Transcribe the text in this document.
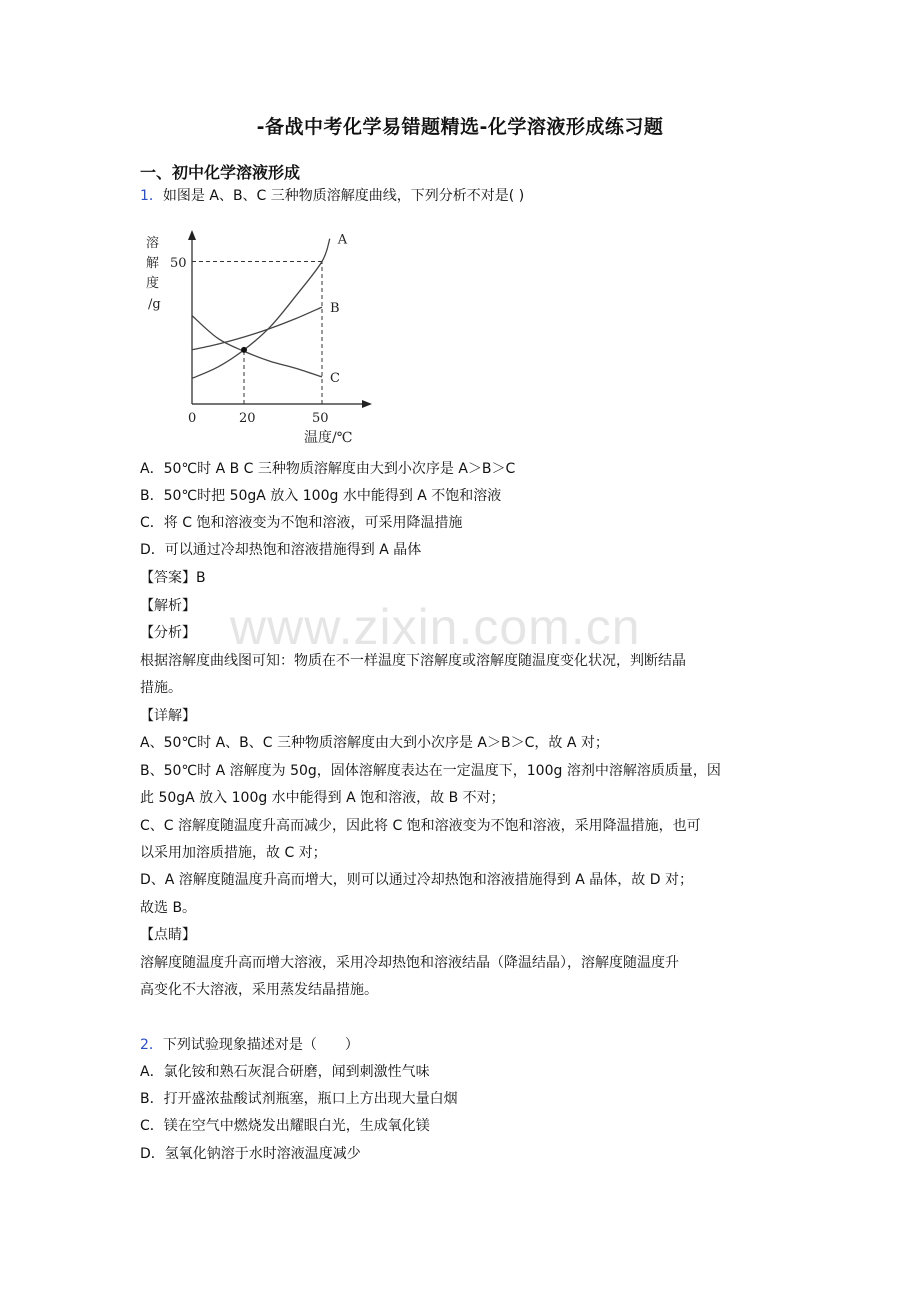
-备战中考化学易错题精选-化学溶液形成练习题
一、初中化学溶液形成
1．如图是 A、B、C 三种物质溶解度曲线，下列分析不对是( )
溶
解
度
/g
50
0	20	50
温度/℃
A
B
C
A．50℃时 A B C 三种物质溶解度由大到小次序是 A＞B＞C
B．50℃时把 50gA 放入 100g 水中能得到 A 不饱和溶液
C．将 C 饱和溶液变为不饱和溶液，可采用降温措施
D．可以通过冷却热饱和溶液措施得到 A 晶体
【答案】B
【解析】
【分析】
根据溶解度曲线图可知：物质在不一样温度下溶解度或溶解度随温度变化状况，判断结晶
措施。
【详解】
A、50℃时 A、B、C 三种物质溶解度由大到小次序是 A＞B＞C，故 A 对；
B、50℃时 A 溶解度为 50g，固体溶解度表达在一定温度下，100g 溶剂中溶解溶质质量，因
此 50gA 放入 100g 水中能得到 A 饱和溶液，故 B 不对；
C、C 溶解度随温度升高而减少，因此将 C 饱和溶液变为不饱和溶液，采用降温措施，也可
以采用加溶质措施，故 C 对；
D、A 溶解度随温度升高而增大，则可以通过冷却热饱和溶液措施得到 A 晶体，故 D 对；
故选 B。
【点睛】
溶解度随温度升高而增大溶液，采用冷却热饱和溶液结晶（降温结晶），溶解度随温度升
高变化不大溶液，采用蒸发结晶措施。
2．下列试验现象描述对是（　　）
A．氯化铵和熟石灰混合研磨，闻到刺激性气味
B．打开盛浓盐酸试剂瓶塞，瓶口上方出现大量白烟
C．镁在空气中燃烧发出耀眼白光，生成氧化镁
D．氢氧化钠溶于水时溶液温度减少
www.zixin.com.cn
